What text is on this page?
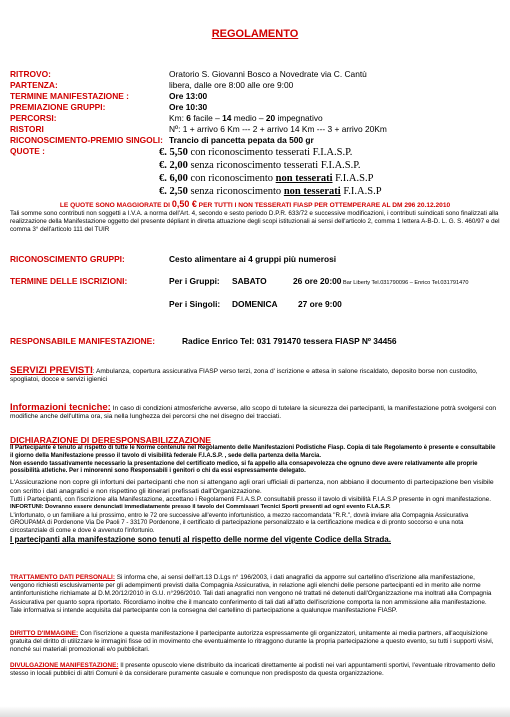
REGOLAMENTO
RITROVO:	Oratorio S. Giovanni Bosco a Novedrate via C. Cantù
PARTENZA:	libera, dalle ore 8:00 alle ore 9:00
TERMINE MANIFESTAZIONE :	Ore 13:00
PREMIAZIONE GRUPPI:	Ore 10:30
PERCORSI:	Km: 6 facile – 14 medio – 20 impegnativo
RISTORI	Nº: 1 + arrivo 6 Km --- 2 + arrivo 14 Km --- 3 + arrivo 20Km
RICONOSCIMENTO-PREMIO SINGOLI: Trancio di pancetta pepata da 500 gr
QUOTE :	€. 5,50 con riconoscimento tesserati F.I.A.S.P.
€. 2,00 senza riconoscimento tesserati F.I.A.S.P.
€. 6,00 con riconoscimento non tesserati F.I.A.S.P
€. 2,50 senza riconoscimento non tesserati F.I.A.S.P
LE QUOTE SONO MAGGIORATE DI 0,50 € PER TUTTI I NON TESSERATI FIASP PER OTTEMPERARE AL DM 296 20.12.2010
Tali somme sono contributi non soggetti a I.V.A. a norma dell'Art. 4, secondo e sesto periodo D.P.R. 633/72 e successive modificazioni, i contributi suindicati sono finalizzati alla realizzazione della Manifestazione oggetto del presente dépliant in diretta attuazione degli scopi istituzionali ai sensi dell'articolo 2, comma 1 lettera A-B-D. L. G. S. 460/97 e del comma 3° dell'articolo 111 del TUIR
RICONOSCIMENTO GRUPPI:	Cesto alimentare ai 4 gruppi più numerosi
TERMINE DELLE ISCRIZIONI:	Per i Gruppi: SABATO	26 ore 20:00 Bar Liberty Tel.031790096 – Enrico Tel.031791470
Per i Singoli: DOMENICA 27 ore 9:00
RESPONSABILE MANIFESTAZIONE:	Radice Enrico Tel: 031 791470 tessera FIASP Nº 34456
SERVIZI PREVISTI: Ambulanza, copertura assicurativa FIASP verso terzi, zona d' iscrizione e attesa in salone riscaldato, deposito borse non custodito, spogliatoi, docce e servizi igienici
Informazioni tecniche: In caso di condizioni atmosferiche avverse, allo scopo di tutelare la sicurezza dei partecipanti, la manifestazione potrà svolgersi con modifiche anche dell'ultima ora, sia nella lunghezza dei percorsi che nel disegno dei tracciati.
DICHIARAZIONE DI DERESPONSABILIZZAZIONE
Il Partecipante è tenuto al rispetto di tutte le Norme contenute nel Regolamento delle Manifestazioni Podistiche Fiasp. Copia di tale Regolamento è presente e consultabile il giorno della Manifestazione presso il tavolo di visibilità federale F.I.A.S.P. , sede della partenza della Marcia.
Non essendo tassativamente necessario la presentazione del certificato medico, si fa appello alla consapevolezza che ognuno deve avere relativamente alle proprie possibilità atletiche. Per i minorenni sono Responsabili i genitori o chi da essi espressamente delegato.
L'Assicurazione non copre gli infortuni dei partecipanti che non si attengano agli orari ufficiali di partenza, non abbiano il documento di partecipazione ben visibile con scritto i dati anagrafici e non rispettino gli itinerari prefissati dall'Organizzazione.
Tutti i Partecipanti, con l'iscrizione alla Manifestazione, accettano i Regolamenti F.I.A.S.P. consultabili presso il tavolo di visibilità F.I.A.S.P presente in ogni manifestazione.
INFORTUNI: Dovranno essere denunciati immediatamente presso il tavolo dei Commissari Tecnici Sporti presenti ad ogni evento F.I.A.S.P.
L'infortunato, o un familiare a lui prossimo, entro le 72 ore successive all'evento infortunistico, a mezzo raccomandata "R.R.", dovrà inviare alla Compagnia Assicurativa GROUPAMA di Pordenone Via De Paoli 7 - 33170 Pordenone, il certificato di partecipazione personalizzato e la certificazione medica e di pronto soccorso e una nota circostanziale di come e dove è avvenuto l'infortunio.
I partecipanti alla manifestazione sono tenuti al rispetto delle norme del vigente Codice della Strada.
TRATTAMENTO DATI PERSONALI: Si informa che, ai sensi dell'art.13 D.Lgs n° 196/2003, i dati anagrafici da apporre sul cartellino d'iscrizione alla manifestazione, vengono richiesti esclusivamente per gli adempimenti previsti dalla Compagnia Assicurativa, in relazione agli elenchi delle persone partecipanti ed in merito alle norme antinfortunistiche richiamate al D.M.20/12/2010 in G.U. n°296/2010. Tali dati anagrafici non vengono né trattati né detenuti dall'Organizzazione ma inoltrati alla Compagnia Assicurativa per quanto sopra riportato. Ricordiamo inoltre che il mancato conferimento di tali dati all'atto dell'iscrizione comporta la non ammissione alla manifestazione. Tale informativa si intende acquisita dal partecipante con la consegna del cartellino di partecipazione a qualunque manifestazione FIASP.
DIRITTO D'IMMAGINE: Con l'iscrizione a questa manifestazione il partecipante autorizza espressamente gli organizzatori, unitamente ai media partners, all'acquisizione gratuita del diritto di utilizzare le immagini fisse od in movimento che eventualmente lo ritraggono durante la propria partecipazione a questo evento, su tutti i supporti visivi, nonché sui materiali promozionali e/o pubblicitari.
DIVULGAZIONE MANIFESTAZIONE: Il presente opuscolo viene distribuito da incaricati direttamente ai podisti nei vari appuntamenti sportivi, l'eventuale ritrovamento dello stesso in locali pubblici di altri Comuni è da considerare puramente casuale e comunque non predisposto da questa organizzazione.
